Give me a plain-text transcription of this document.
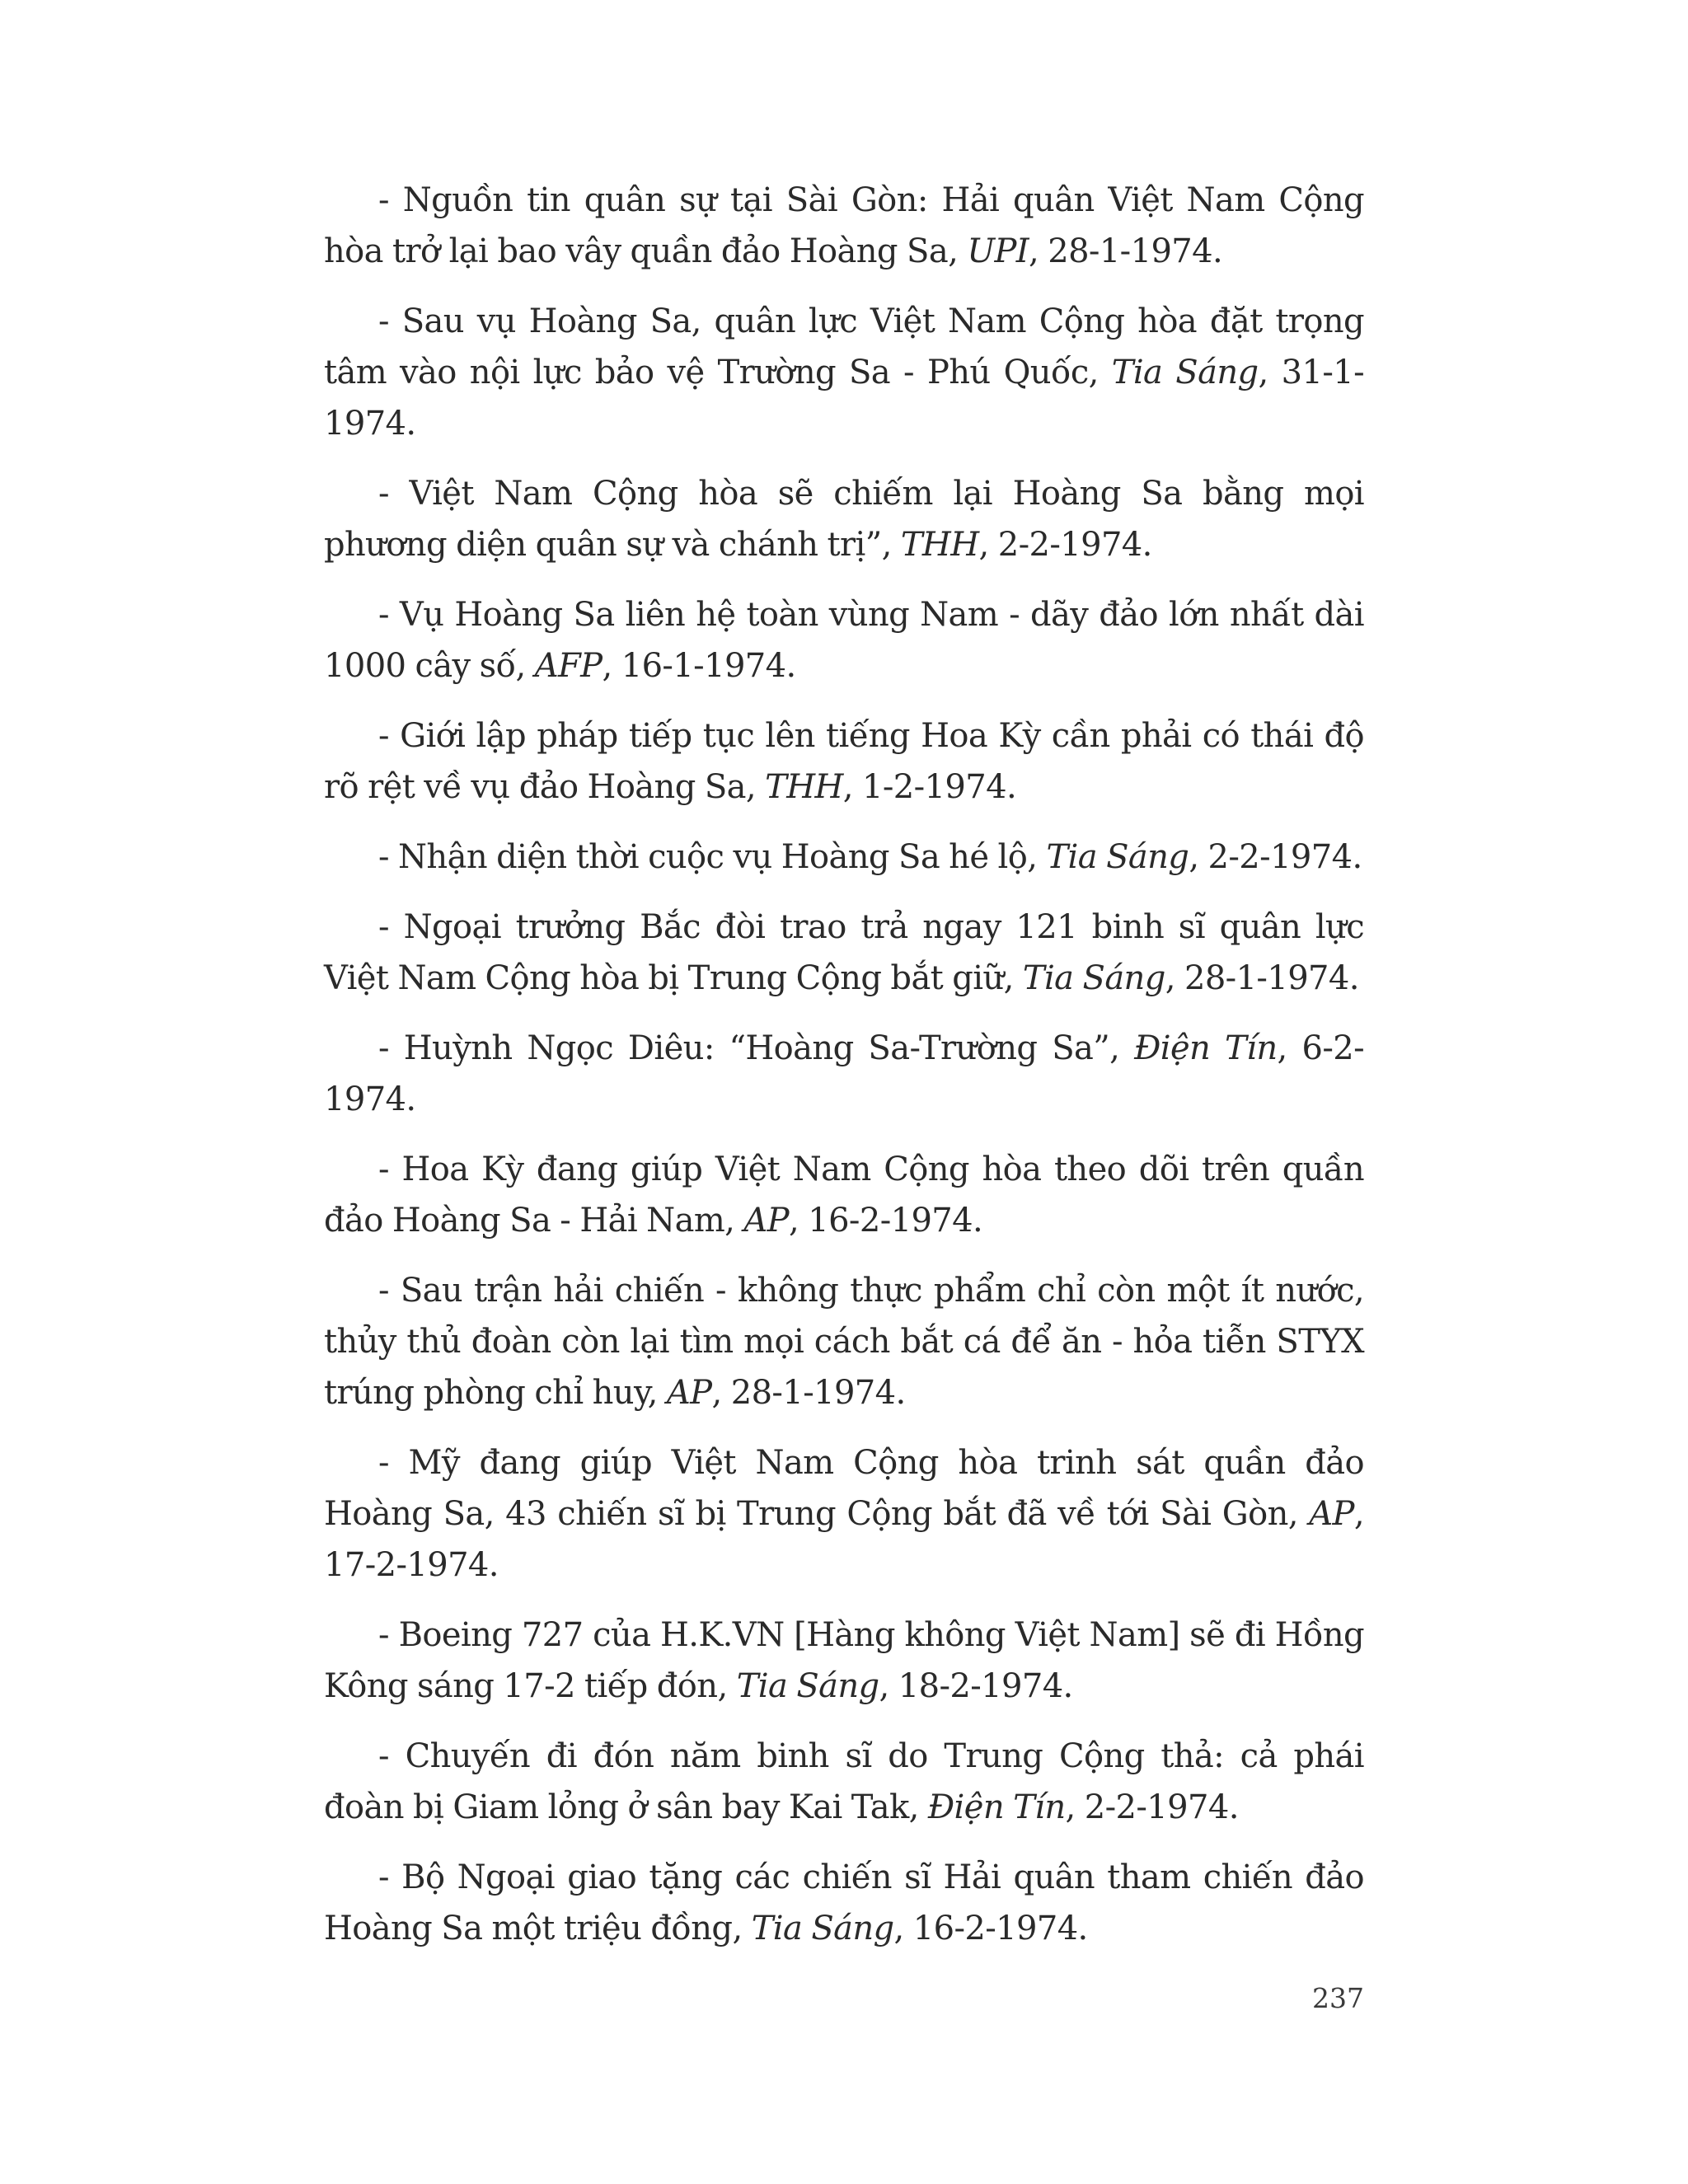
- Nguồn tin quân sự tại Sài Gòn: Hải quân Việt Nam Cộng hòa trở lại bao vây quần đảo Hoàng Sa, UPI, 28-1-1974.

- Sau vụ Hoàng Sa, quân lực Việt Nam Cộng hòa đặt trọng tâm vào nội lực bảo vệ Trường Sa - Phú Quốc, Tia Sáng, 31-1-1974.

- Việt Nam Cộng hòa sẽ chiếm lại Hoàng Sa bằng mọi phương diện quân sự và chánh trị”, THH, 2-2-1974.

- Vụ Hoàng Sa liên hệ toàn vùng Nam - dãy đảo lớn nhất dài 1000 cây số, AFP, 16-1-1974.

- Giới lập pháp tiếp tục lên tiếng Hoa Kỳ cần phải có thái độ rõ rệt về vụ đảo Hoàng Sa, THH, 1-2-1974.

- Nhận diện thời cuộc vụ Hoàng Sa hé lộ, Tia Sáng, 2-2-1974.

- Ngoại trưởng Bắc đòi trao trả ngay 121 binh sĩ quân lực Việt Nam Cộng hòa bị Trung Cộng bắt giữ, Tia Sáng, 28-1-1974.

- Huỳnh Ngọc Diêu: “Hoàng Sa-Trường Sa”, Điện Tín, 6-2-1974.

- Hoa Kỳ đang giúp Việt Nam Cộng hòa theo dõi trên quần đảo Hoàng Sa - Hải Nam, AP, 16-2-1974.

- Sau trận hải chiến - không thực phẩm chỉ còn một ít nước, thủy thủ đoàn còn lại tìm mọi cách bắt cá để ăn - hỏa tiễn STYX trúng phòng chỉ huy, AP, 28-1-1974.

- Mỹ đang giúp Việt Nam Cộng hòa trinh sát quần đảo Hoàng Sa, 43 chiến sĩ bị Trung Cộng bắt đã về tới Sài Gòn, AP, 17-2-1974.

- Boeing 727 của H.K.VN [Hàng không Việt Nam] sẽ đi Hồng Kông sáng 17-2 tiếp đón, Tia Sáng, 18-2-1974.

- Chuyến đi đón năm binh sĩ do Trung Cộng thả: cả phái đoàn bị Giam lỏng ở sân bay Kai Tak, Điện Tín, 2-2-1974.

- Bộ Ngoại giao tặng các chiến sĩ Hải quân tham chiến đảo Hoàng Sa một triệu đồng, Tia Sáng, 16-2-1974.

237
